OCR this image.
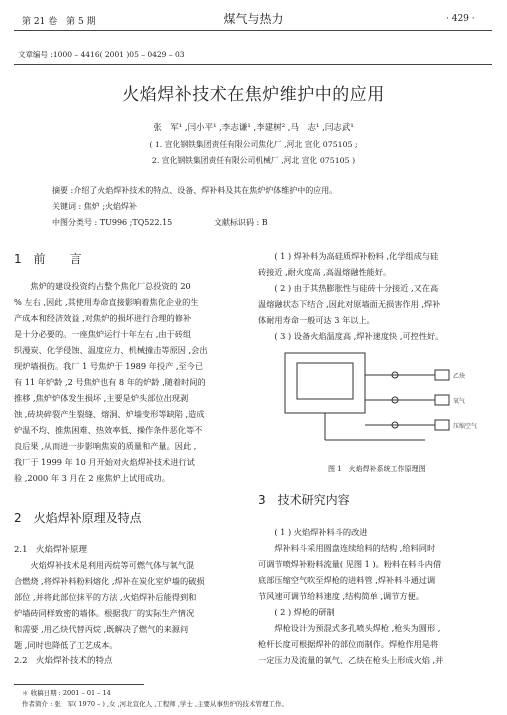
第 21 卷　第 5 期	煤气与热力	· 429 ·
文章编号 :1000 – 4416( 2001 )05 – 0429 – 03
火焰焊补技术在焦炉维护中的应用
张　军¹ ,闫小平¹ ,李志谦¹ ,李建树² ,马　志¹ ,闫志武¹
( 1. 宣化钢铁集团责任有限公司焦化厂 ,河北 宣化 075105 ;
2. 宣化钢铁集团责任有限公司机械厂 ,河北 宣化 075105 )
摘要 :介绍了火焰焊补技术的特点、设备、焊补料及其在焦炉炉体维护中的应用。
关键词 : 焦炉 ;火焰焊补
中图分类号 : TU996 ;TQ522.15	文献标识码 : B
1　前　　言
　　焦炉的建设投资约占整个焦化厂总投资的 20
% 左右 ,因此 ,其使用寿命直接影响着焦化企业的生
产成本和经济效益 ,对焦炉的损坏进行合理的修补
是十分必要的。一座焦炉运行十年左右 ,由于砖组
织漫炭、化学侵蚀、温度应力、机械撞击等原因 ,会出
现炉墙损伤。我厂 1 号焦炉于 1989 年投产 ,至今已
有 11 年炉龄 ,2 号焦炉也有 8 年的炉龄 ,随着时间的
推移 ,焦炉炉体发生损坏 ,主要是炉头部位出现剥
蚀 ,砖块碎裂产生裂缝、熔洞、炉墙变形等缺陷 ,造成
炉温不均、推焦困难、热效率低、操作条件恶化等不
良后果 ,从而进一步影响焦炭的质量和产量。因此 ,
我厂于 1999 年 10 月开始对火焰焊补技术进行试
验 ,2000 年 3 月在 2 座焦炉上试用成功。
2　火焰焊补原理及特点
2.1　火焰焊补原理
　　火焰焊补技术是利用丙烷等可燃气体与氧气混
合燃烧 ,将焊补料粉料熔化 ,焊补在炭化室炉墙的破损
部位 ,并将此部位抹平的方法 ,火焰焊补后能得到和
炉墙砖同样致密的墙体。根据我厂的实际生产情况
和需要 ,用乙炔代替丙烷 ,既解决了燃气的来源问
题 ,同时也降低了工艺成本。
2.2　火焰焊补技术的特点
　　( 1 ) 焊补料为高硅质焊补粉料 ,化学组成与硅
砖接近 ,耐火度高 ,高温熔融性能好。
　　( 2 ) 由于其热膨胀性与硅砖十分接近 ,又在高
温熔融状态下结合 ,因此对原墙面无损害作用 ,焊补
体耐用寿命一般可达 3 年以上。
　　( 3 ) 设备火焰温度高 ,焊补速度快 ,可控性好。
乙炔
氧气
压缩空气
图 1　火焰焊补系统工作原理图
3　技术研究内容
　　( 1 ) 火焰焊补料斗的改进
　　焊补料斗采用圆盘连续给料的结构 ,给料同时
可调节喷焊补粉料流量( 见图 1 )。粉料在料斗内借
底部压缩空气吹至焊枪的进料管 ,焊补料斗通过调
节风速可调节给料速度 ,结构简单 ,调节方便。
　　( 2 ) 焊枪的研制
　　焊枪设计为预混式多孔喷头焊枪 ,枪头为圆形 ,
枪杆长度可根据焊补的部位而制作。焊枪作用是将
一定压力及流量的氧气、乙炔在枪头上形成火焰 ,并
＊ 收稿日期 : 2001 – 01 – 14
作者简介 : 张　军( 1970 – ) ,女 ,河北宣化人 ,工程师 ,学士 ,主要从事焦炉的技术管理工作。
